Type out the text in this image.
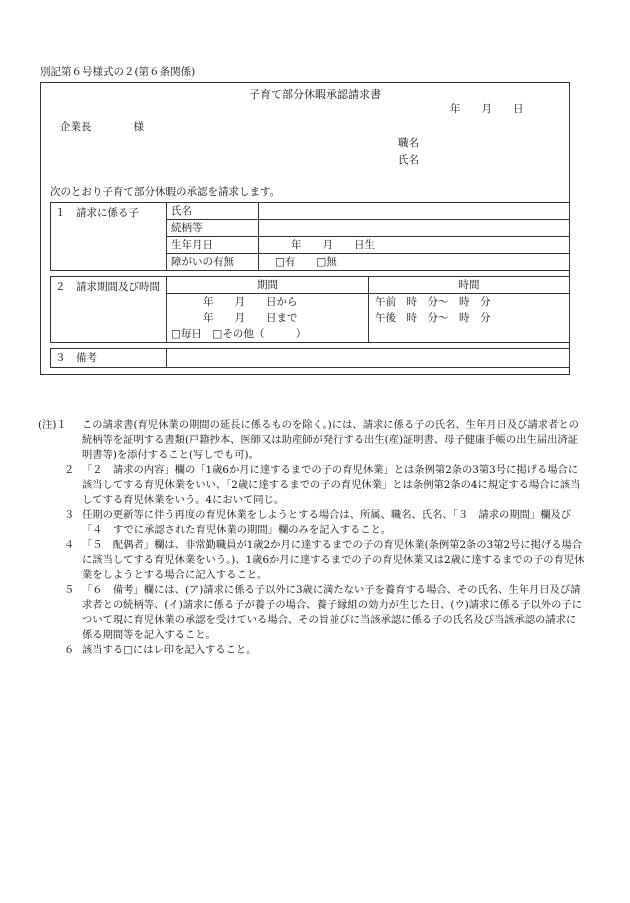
別記第６号様式の２(第６条関係)
子育て部分休暇承認請求書
年　　月　　日
企業長　　　　様
職名
氏名
次のとおり子育て部分休暇の承認を請求します。
１　請求に係る子	氏名	
	続柄等	
	生年月日	年　　月　　日生
	障がいの有無	□有　　□無
２　請求期間及び時間	期間	時間
	年　　月　　日から	午前　時　分～　時　分
	年　　月　　日まで	午後　時　分～　時　分
	□毎日　□その他（　　　）	
３　備考	
(注)１ この請求書(育児休業の期間の延長に係るものを除く。)には、請求に係る子の氏名、生年月日及び請求者との続柄等を証明する書類(戸籍抄本、医師又は助産師が発行する出生(産)証明書、母子健康手帳の出生届出済証明書等)を添付すること(写しでも可)。
２ 「２　請求の内容」欄の「1歳6か月に達するまでの子の育児休業」とは条例第2条の3第3号に掲げる場合に該当してする育児休業をいい、「2歳に達するまでの子の育児休業」とは条例第2条の4に規定する場合に該当してする育児休業をいう。4において同じ。
３ 任期の更新等に伴う再度の育児休業をしようとする場合は、所属、職名、氏名、「３　請求の期間」欄及び「４　すでに承認された育児休業の期間」欄のみを記入すること。
４ 「５　配偶者」欄は、非常勤職員が1歳2か月に達するまでの子の育児休業(条例第2条の3第2号に掲げる場合に該当してする育児休業をいう。)、1歳6か月に達するまでの子の育児休業又は2歳に達するまでの子の育児休業をしようとする場合に記入すること。
５ 「６　備考」欄には、(ア)請求に係る子以外に3歳に満たない子を養育する場合、その氏名、生年月日及び請求者との続柄等、(イ)請求に係る子が養子の場合、養子縁組の効力が生じた日、(ウ)請求に係る子以外の子について現に育児休業の承認を受けている場合、その旨並びに当該承認に係る子の氏名及び当該承認の請求に係る期間等を記入すること。
６ 該当する□にはレ印を記入すること。
